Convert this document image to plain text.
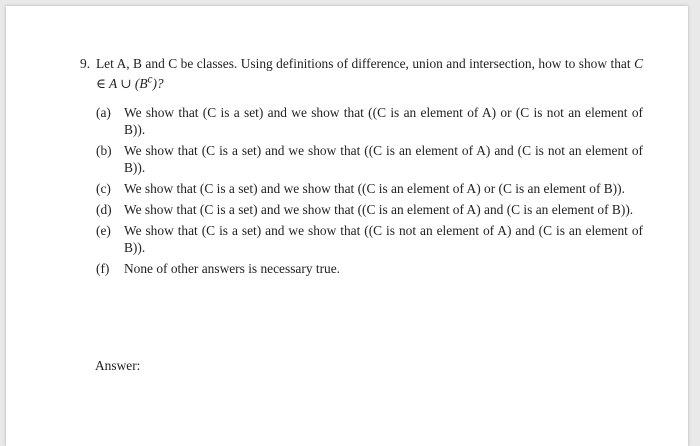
9. Let A, B and C be classes. Using definitions of difference, union and intersection, how to show that C ∈ A ∪ $(B^c)$?
(a) We show that (C is a set) and we show that ((C is an element of A) or (C is not an element of B)).
(b) We show that (C is a set) and we show that ((C is an element of A) and (C is not an element of B)).
(c) We show that (C is a set) and we show that ((C is an element of A) or (C is an element of B)).
(d) We show that (C is a set) and we show that ((C is an element of A) and (C is an element of B)).
(e) We show that (C is a set) and we show that ((C is not an element of A) and (C is an element of B)).
(f)	None of other answers is necessary true.
Answer:
